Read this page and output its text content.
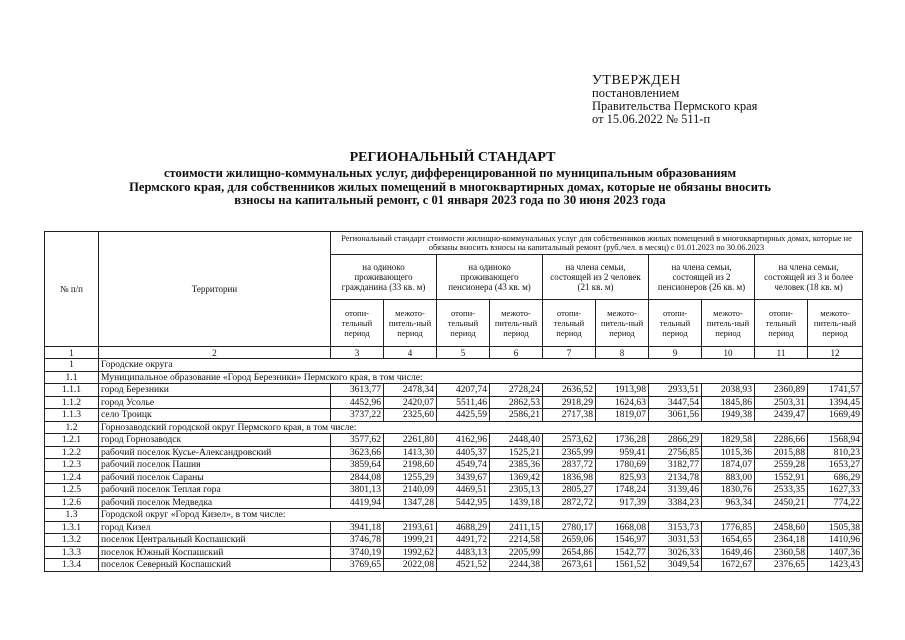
УТВЕРЖДЕН
постановлением
Правительства Пермского края
от 15.06.2022 № 511-п
РЕГИОНАЛЬНЫЙ СТАНДАРТ
стоимости жилищно-коммунальных услуг, дифференцированной по муниципальным образованиям
Пермского края, для собственников жилых помещений в многоквартирных домах, которые не обязаны вносить
взносы на капитальный ремонт, с 01 января 2023 года по 30 июня 2023 года
№ п/п	Территории	Региональный стандарт стоимости жилищно-коммунальных услуг для собственников жилых помещений в многоквартирных домах, которые не обязаны вносить взносы на капитальный ремонт (руб./чел. в месяц) с 01.01.2023 по 30.06.2023									
		на одиноко проживающего гражданина (33 кв. м)		на одиноко проживающего пенсионера (43 кв. м)		на члена семьи, состоящей из 2 человек (21 кв. м)		на члена семьи, состоящей из 2 пенсионеров (26 кв. м)		на члена семьи, состоящей из 3 и более человек (18 кв. м)	
		отопи-тельный период	межото-питель-ный период	отопи-тельный период	межото-питель-ный период	отопи-тельный период	межото-питель-ный период	отопи-тельный период	межото-питель-ный период	отопи-тельный период	межото-питель-ный период
1	2	3	4	5	6	7	8	9	10	11	12
1	Городские округа										
1.1	Муниципальное образование «Город Березники» Пермского края, в том числе:										
1.1.1	город Березники	3613,77	2478,34	4207,74	2728,24	2636,52	1913,98	2933,51	2038,93	2360,89	1741,57
1.1.2	город Усолье	4452,96	2420,07	5511,46	2862,53	2918,29	1624,63	3447,54	1845,86	2503,31	1394,45
1.1.3	село Троицк	3737,22	2325,60	4425,59	2586,21	2717,38	1819,07	3061,56	1949,38	2439,47	1669,49
1.2	Горнозаводский городской округ Пермского края, в том числе:										
1.2.1	город Горнозаводск	3577,62	2261,80	4162,96	2448,40	2573,62	1736,28	2866,29	1829,58	2286,66	1568,94
1.2.2	рабочий поселок Кусье-Александровский	3623,66	1413,30	4405,37	1525,21	2365,99	959,41	2756,85	1015,36	2015,88	810,23
1.2.3	рабочий поселок Пашия	3859,64	2198,60	4549,74	2385,36	2837,72	1780,69	3182,77	1874,07	2559,28	1653,27
1.2.4	рабочий поселок Сараны	2844,08	1255,29	3439,67	1369,42	1836,98	825,93	2134,78	883,00	1552,91	686,29
1.2.5	рабочий поселок Теплая гора	3801,13	2140,09	4469,51	2305,13	2805,27	1748,24	3139,46	1830,76	2533,35	1627,33
1.2.6	рабочий поселок Медведка	4419,94	1347,28	5442,95	1439,18	2872,72	917,39	3384,23	963,34	2450,21	774,22
1.3	Городской округ «Город Кизел», в том числе:										
1.3.1	город Кизел	3941,18	2193,61	4688,29	2411,15	2780,17	1668,08	3153,73	1776,85	2458,60	1505,38
1.3.2	поселок Центральный Коспашский	3746,78	1999,21	4491,72	2214,58	2659,06	1546,97	3031,53	1654,65	2364,18	1410,96
1.3.3	поселок Южный Коспашский	3740,19	1992,62	4483,13	2205,99	2654,86	1542,77	3026,33	1649,46	2360,58	1407,36
1.3.4	поселок Северный Коспашский	3769,65	2022,08	4521,52	2244,38	2673,61	1561,52	3049,54	1672,67	2376,65	1423,43
